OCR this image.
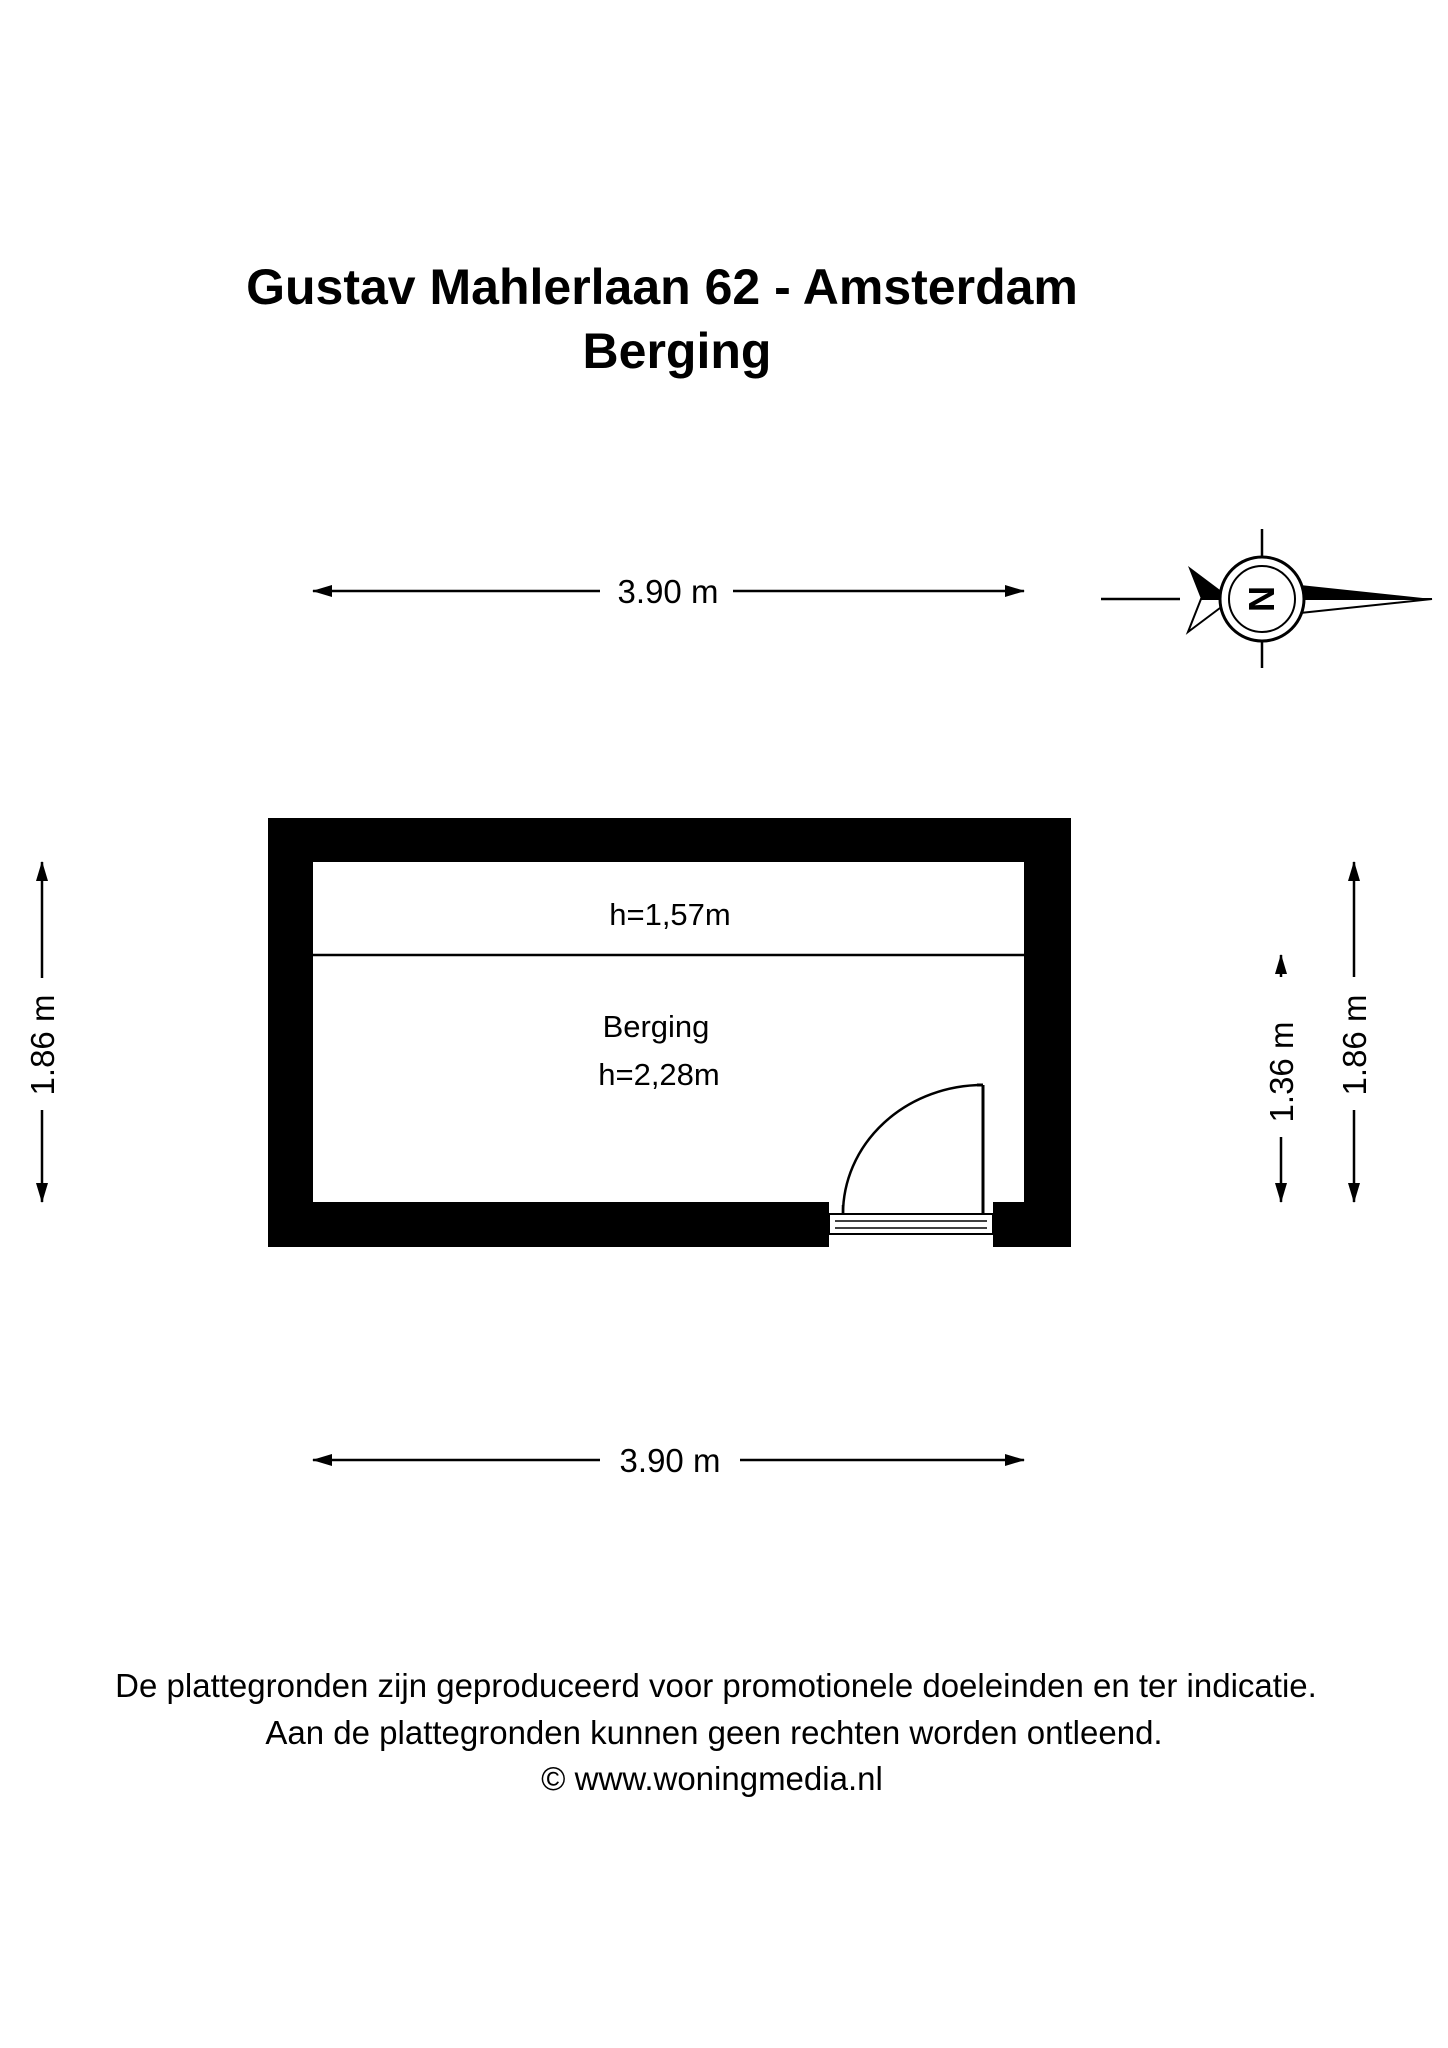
Gustav Mahlerlaan 62 - Amsterdam
Berging
3.90 m	N
h=1,57m
Berging
h=2,28m
1.86 m	1.36 m 1.86 m
3.90 m
De plattegronden zijn geproduceerd voor promotionele doeleinden en ter indicatie.
Aan de plattegronden kunnen geen rechten worden ontleend.
© www.woningmedia.nl
